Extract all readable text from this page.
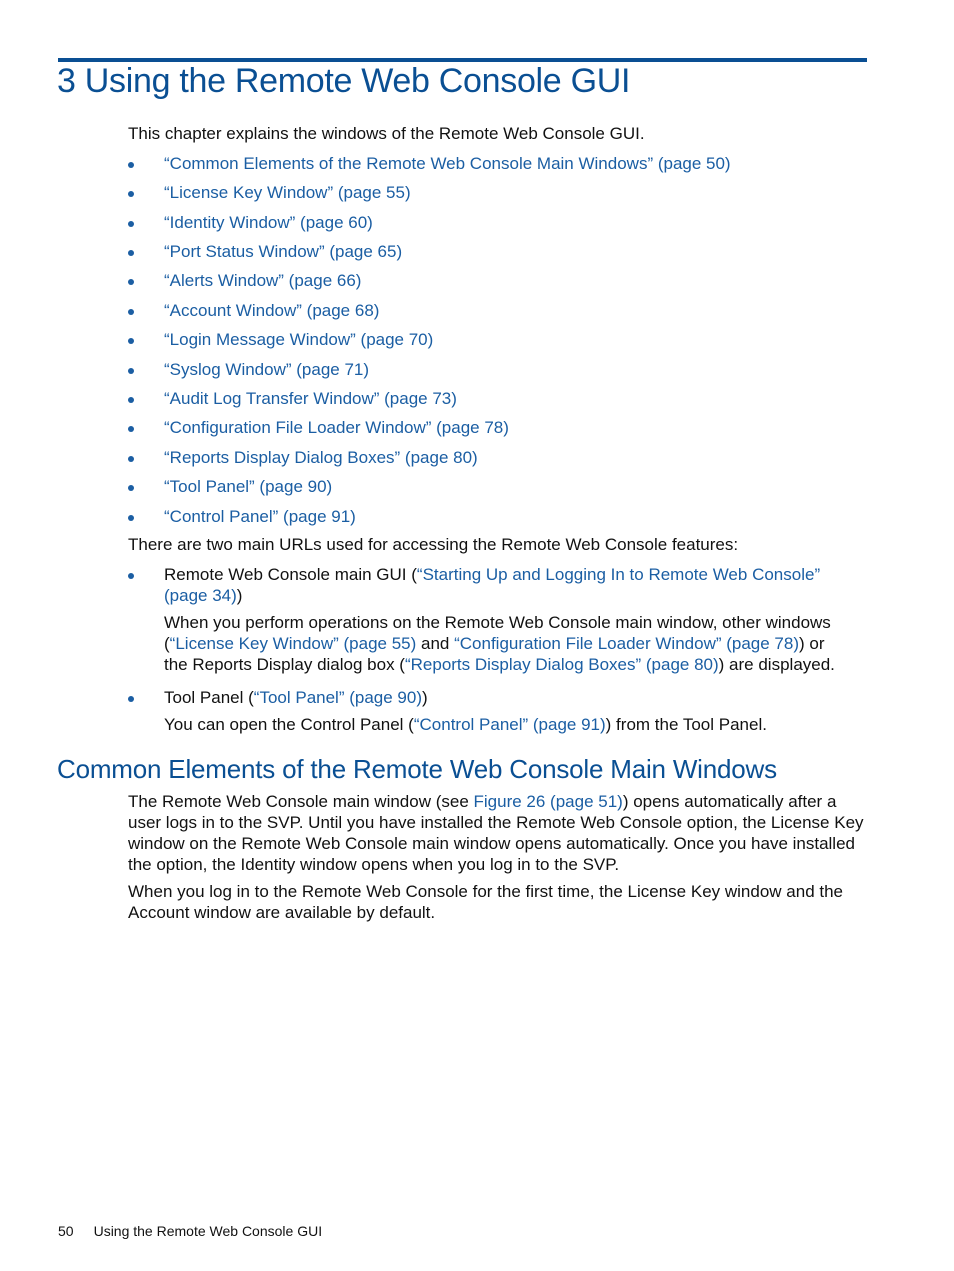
3 Using the Remote Web Console GUI

This chapter explains the windows of the Remote Web Console GUI.

“Common Elements of the Remote Web Console Main Windows” (page 50)
“License Key Window” (page 55)
“Identity Window” (page 60)
“Port Status Window” (page 65)
“Alerts Window” (page 66)
“Account Window” (page 68)
“Login Message Window” (page 70)
“Syslog Window” (page 71)
“Audit Log Transfer Window” (page 73)
“Configuration File Loader Window” (page 78)
“Reports Display Dialog Boxes” (page 80)
“Tool Panel” (page 90)
“Control Panel” (page 91)

There are two main URLs used for accessing the Remote Web Console features:

Remote Web Console main GUI (“Starting Up and Logging In to Remote Web Console”

(page 34))

When you perform operations on the Remote Web Console main window, other windows

(“License Key Window” (page 55) and “Configuration File Loader Window” (page 78)) or

the Reports Display dialog box (“Reports Display Dialog Boxes” (page 80)) are displayed.

Tool Panel (“Tool Panel” (page 90))

You can open the Control Panel (“Control Panel” (page 91)) from the Tool Panel.

Common Elements of the Remote Web Console Main Windows

The Remote Web Console main window (see Figure 26 (page 51)) opens automatically after a

user logs in to the SVP. Until you have installed the Remote Web Console option, the License Key

window on the Remote Web Console main window opens automatically. Once you have installed

the option, the Identity window opens when you log in to the SVP.

When you log in to the Remote Web Console for the first time, the License Key window and the

Account window are available by default.

50 Using the Remote Web Console GUI
